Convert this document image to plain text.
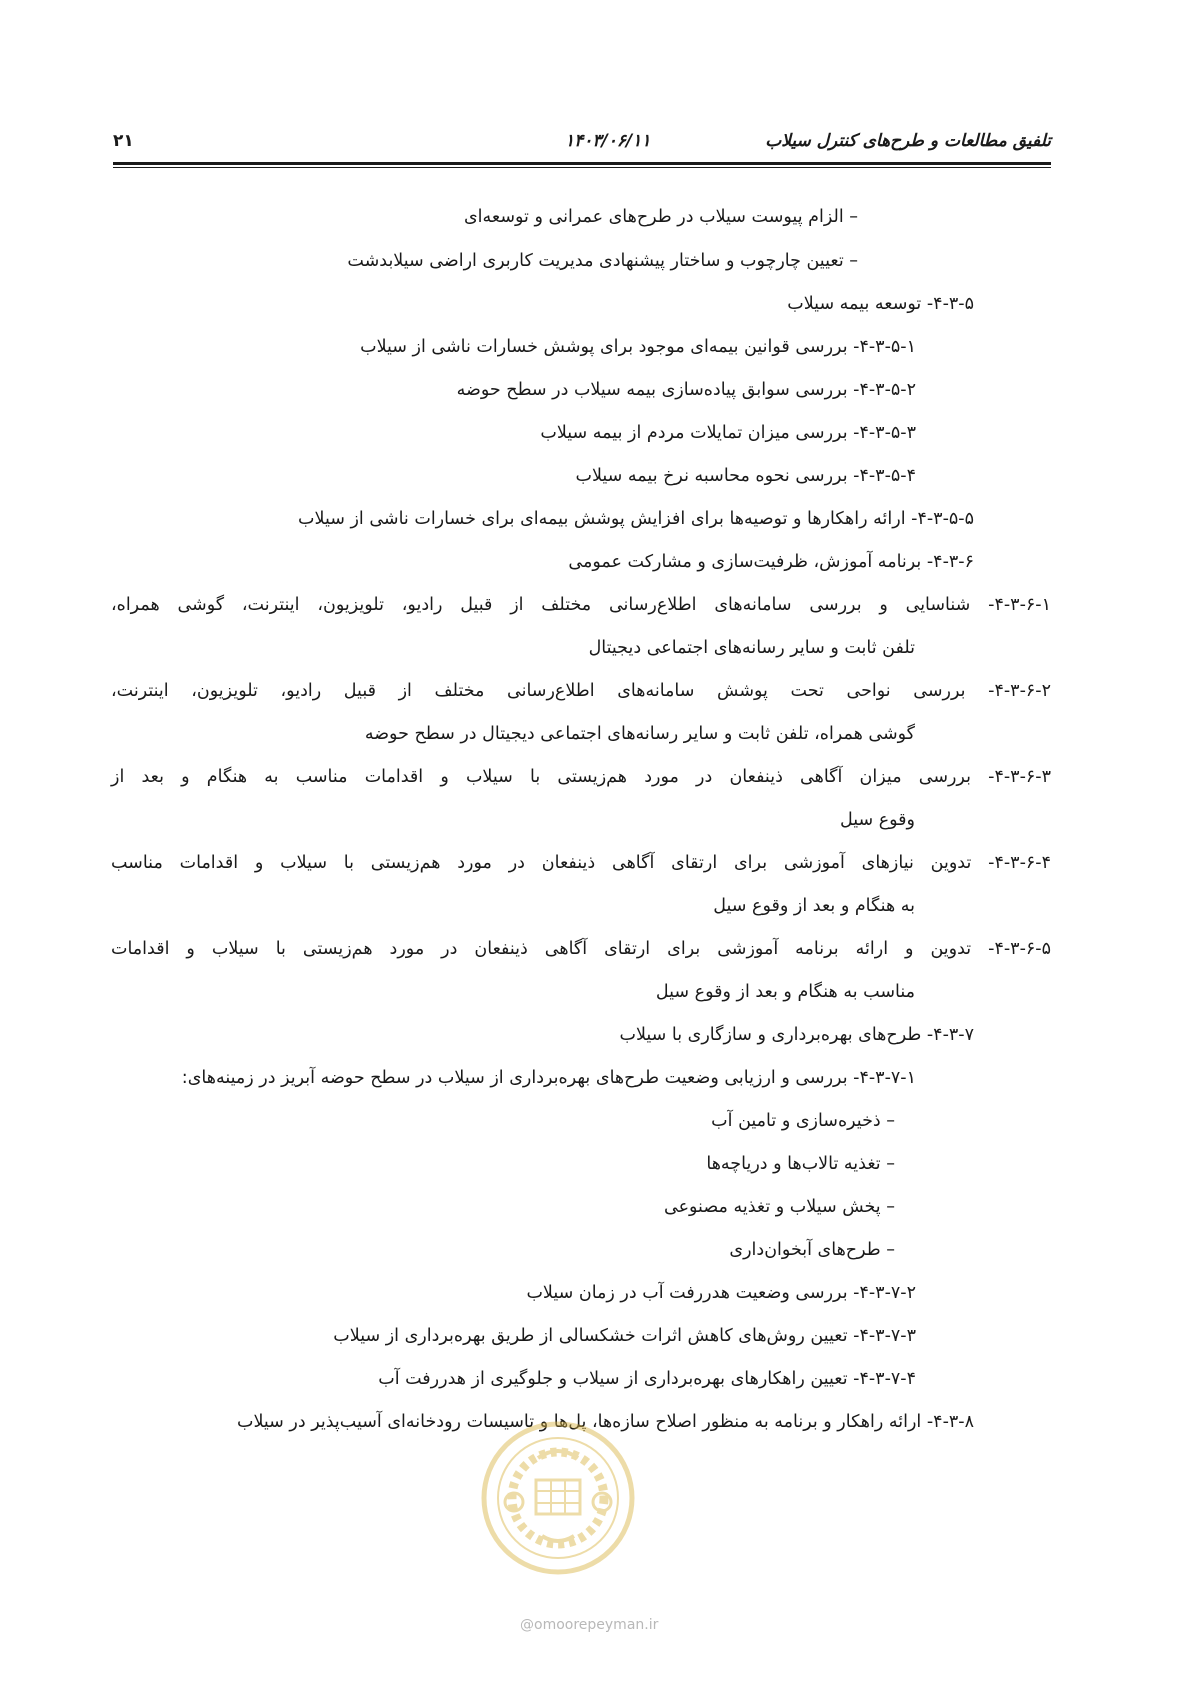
تلفیق مطالعات و طرح‌های کنترل سیلاب
۱۴۰۳/۰۶/۱۱
۲۱
– الزام پیوست سیلاب در طرح‌های عمرانی و توسعه‌ای
– تعیین چارچوب و ساختار پیشنهادی مدیریت کاربری اراضی سیلابدشت
۴-۳-۵- توسعه بیمه سیلاب
۴-۳-۵-۱- بررسی قوانین بیمه‌ای موجود برای پوشش خسارات ناشی از سیلاب
۴-۳-۵-۲- بررسی سوابق پیاده‌سازی بیمه سیلاب در سطح حوضه
۴-۳-۵-۳- بررسی میزان تمایلات مردم از بیمه سیلاب
۴-۳-۵-۴- بررسی نحوه محاسبه نرخ بیمه سیلاب
۴-۳-۵-۵- ارائه راهکارها و توصیه‌ها برای افزایش پوشش بیمه‌ای برای خسارات ناشی از سیلاب
۴-۳-۶- برنامه آموزش، ظرفیت‌سازی و مشارکت عمومی
۴-۳-۶-۱- شناسایی و بررسی سامانه‌های اطلاع‌رسانی مختلف از قبیل رادیو، تلویزیون، اینترنت، گوشی همراه،
تلفن ثابت و سایر رسانه‌های اجتماعی دیجیتال
۴-۳-۶-۲- بررسی نواحی تحت پوشش سامانه‌های اطلاع‌رسانی مختلف از قبیل رادیو، تلویزیون، اینترنت،
گوشی همراه، تلفن ثابت و سایر رسانه‌های اجتماعی دیجیتال در سطح حوضه
۴-۳-۶-۳- بررسی میزان آگاهی ذینفعان در مورد هم‌زیستی با سیلاب و اقدامات مناسب به هنگام و بعد از
وقوع سیل
۴-۳-۶-۴- تدوین نیازهای آموزشی برای ارتقای آگاهی ذینفعان در مورد هم‌زیستی با سیلاب و اقدامات مناسب
به هنگام و بعد از وقوع سیل
۴-۳-۶-۵- تدوین و ارائه برنامه آموزشی برای ارتقای آگاهی ذینفعان در مورد هم‌زیستی با سیلاب و اقدامات
مناسب به هنگام و بعد از وقوع سیل
۴-۳-۷- طرح‌های بهره‌برداری و سازگاری با سیلاب
۴-۳-۷-۱- بررسی و ارزیابی وضعیت طرح‌های بهره‌برداری از سیلاب در سطح حوضه آبریز در زمینه‌های:
– ذخیره‌سازی و تامین آب
– تغذیه تالاب‌ها و دریاچه‌ها
– پخش سیلاب و تغذیه مصنوعی
– طرح‌های آبخوان‌داری
۴-۳-۷-۲- بررسی وضعیت هدررفت آب در زمان سیلاب
۴-۳-۷-۳- تعیین روش‌های کاهش اثرات خشکسالی از طریق بهره‌برداری از سیلاب
۴-۳-۷-۴- تعیین راهکارهای بهره‌برداری از سیلاب و جلوگیری از هدررفت آب
۴-۳-۸- ارائه راهکار و برنامه به منظور اصلاح سازه‌ها، پل‌ها و تاسیسات رودخانه‌ای آسیب‌پذیر در سیلاب
@omoorepeyman.ir
